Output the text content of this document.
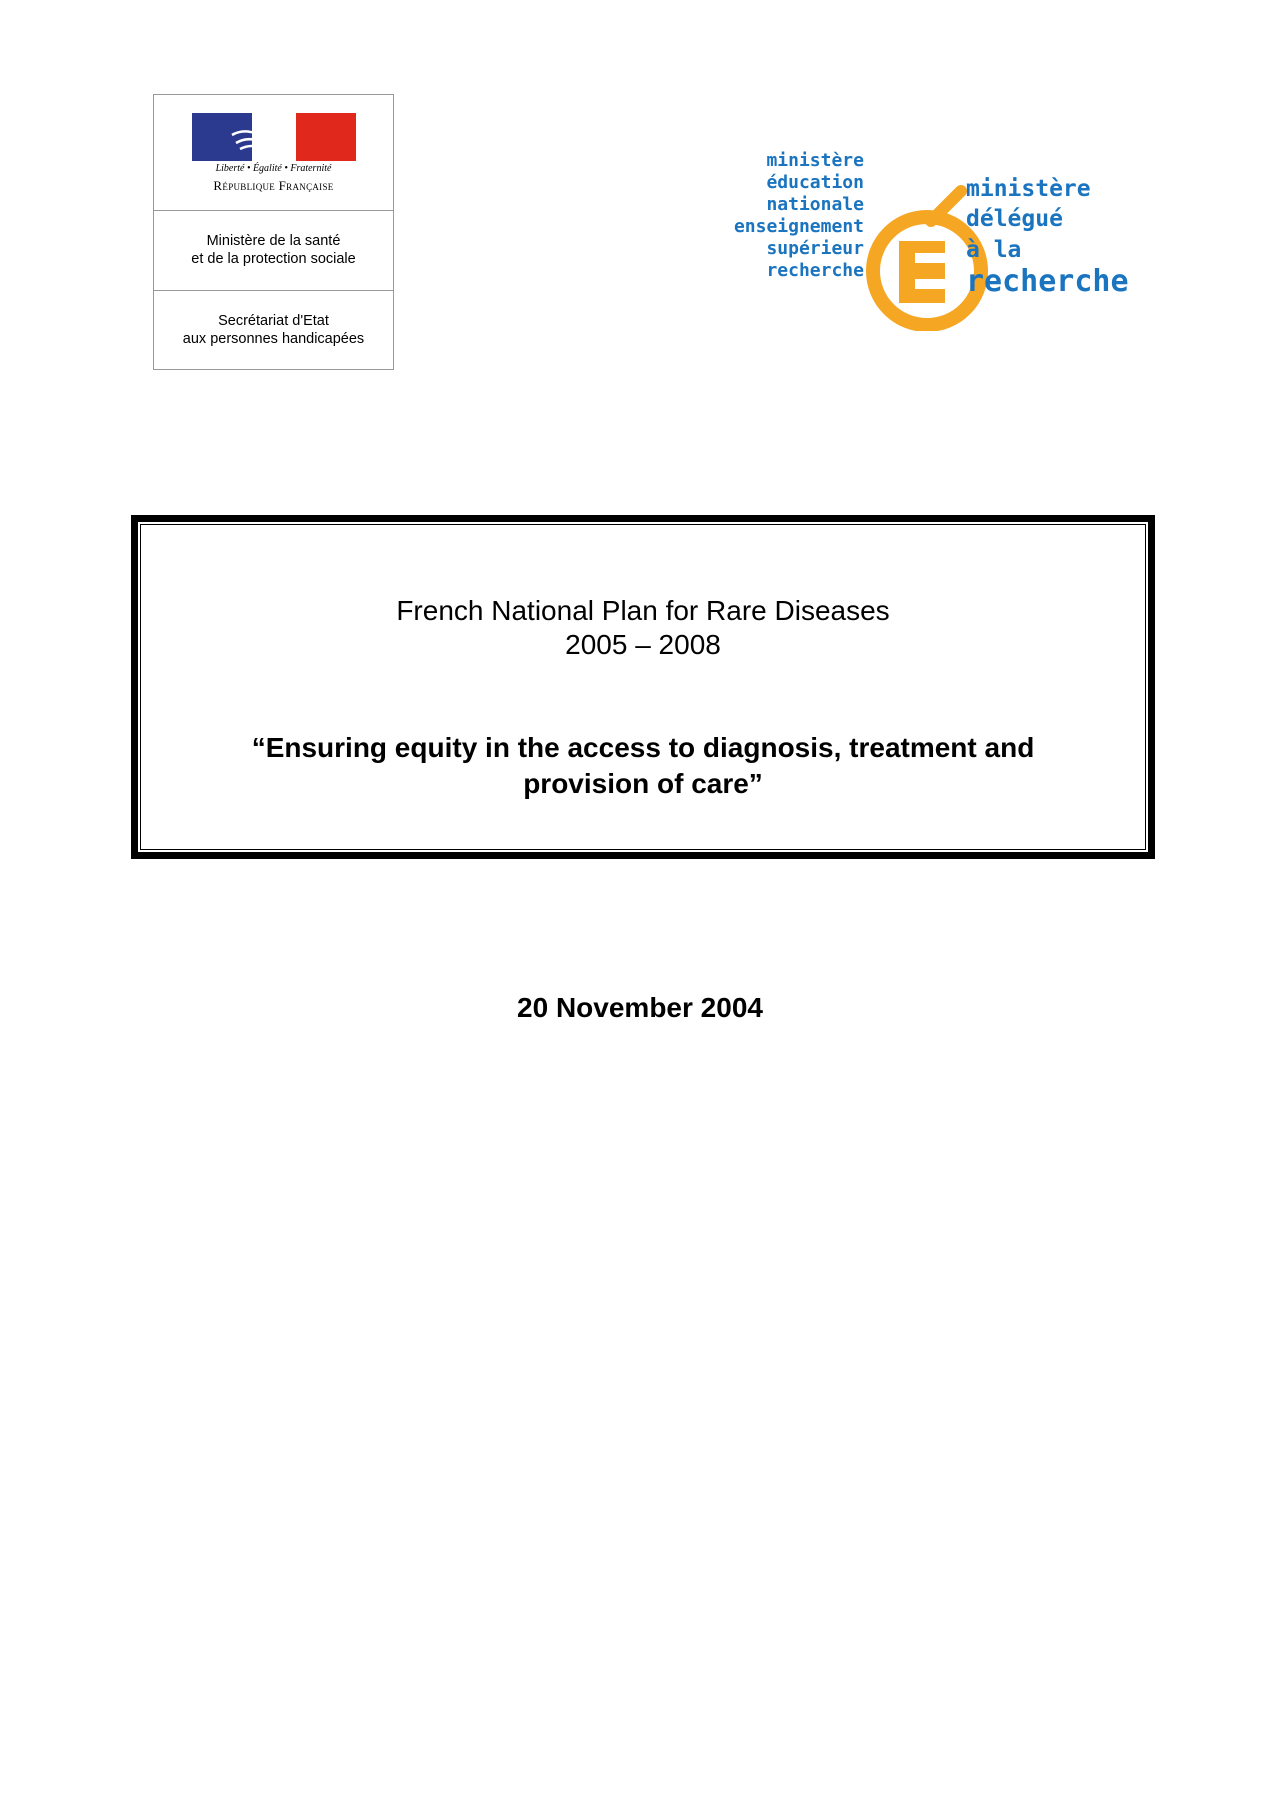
Liberté • Égalité • Fraternité
République Française
Ministère de la santé
et de la protection sociale
Secrétariat d'Etat
aux personnes handicapées
ministère
éducation
nationale
enseignement
supérieur
recherche
ministère délégué
à la recherche
French National Plan for Rare Diseases
2005 – 2008
“Ensuring equity in the access to diagnosis, treatment and
provision of care”
20 November 2004
